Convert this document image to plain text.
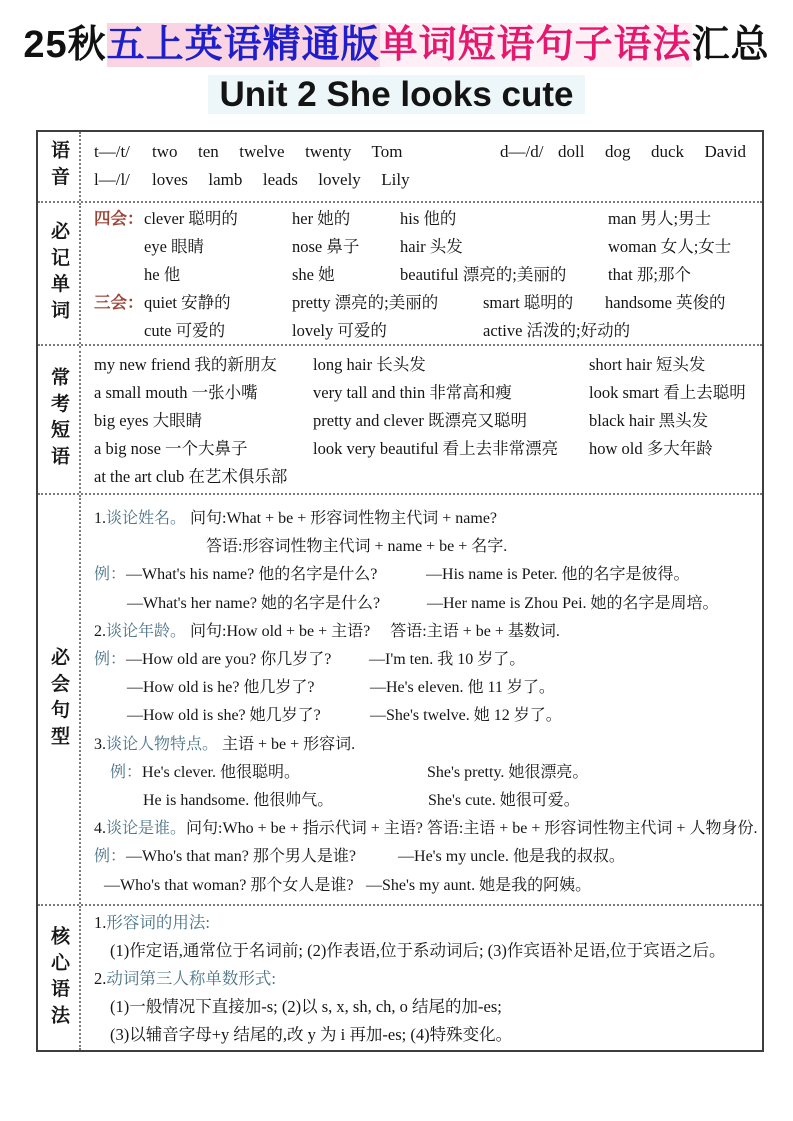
25秋五上英语精通版单词短语句子语法汇总
Unit 2 She looks cute
语音	t—/t/ two  ten  twelve  twenty  Tom	d—/d/ doll  dog  duck  David
l—/l/ loves  lamb  leads  lovely  Lily
必记单词
四会： clever 聪明的	her 她的	his 他的	man 男人;男士
eye 眼睛	nose 鼻子	hair 头发	woman 女人;女士
he 他	she 她	beautiful 漂亮的;美丽的	that 那;那个
三会： quiet 安静的	pretty 漂亮的;美丽的	smart 聪明的	handsome 英俊的
cute 可爱的	lovely 可爱的	active 活泼的;好动的
常考短语
my new friend 我的新朋友	long hair 长头发	short hair 短头发
a small mouth 一张小嘴	very tall and thin 非常高和瘦	look smart 看上去聪明
big eyes 大眼睛	pretty and clever 既漂亮又聪明	black hair 黑头发
a big nose 一个大鼻子	look very beautiful 看上去非常漂亮	how old 多大年龄
at the art club 在艺术俱乐部
必会句型
1.谈论姓名。 问句:What + be + 形容词性物主代词 + name?
答语:形容词性物主代词 + name + be + 名字.
例：—What's his name? 他的名字是什么?	—His name is Peter. 他的名字是彼得。
—What's her name? 她的名字是什么?	—Her name is Zhou Pei. 她的名字是周培。
2.谈论年龄。 问句:How old + be + 主语?　 答语:主语 + be + 基数词.
例：—How old are you? 你几岁了? —I'm ten. 我 10 岁了。
—How old is he? 他几岁了?	—He's eleven. 他 11 岁了。
—How old is she? 她几岁了?	—She's twelve. 她 12 岁了。
3.谈论人物特点。 主语 + be + 形容词.
例：He's clever. 他很聪明。	She's pretty. 她很漂亮。
He is handsome. 他很帅气。	She's cute. 她很可爱。
4.谈论是谁。问句:Who + be + 指示代词 + 主语? 答语:主语 + be + 形容词性物主代词 + 人物身份.
例：—Who's that man? 那个男人是谁?	—He's my uncle. 他是我的叔叔。
—Who's that woman? 那个女人是谁? —She's my aunt. 她是我的阿姨。
核心语法
1.形容词的用法:
(1)作定语,通常位于名词前; (2)作表语,位于系动词后; (3)作宾语补足语,位于宾语之后。
2.动词第三人称单数形式:
(1)一般情况下直接加-s; (2)以 s, x, sh, ch, o 结尾的加-es;
(3)以辅音字母+y 结尾的,改 y 为 i 再加-es; (4)特殊变化。
